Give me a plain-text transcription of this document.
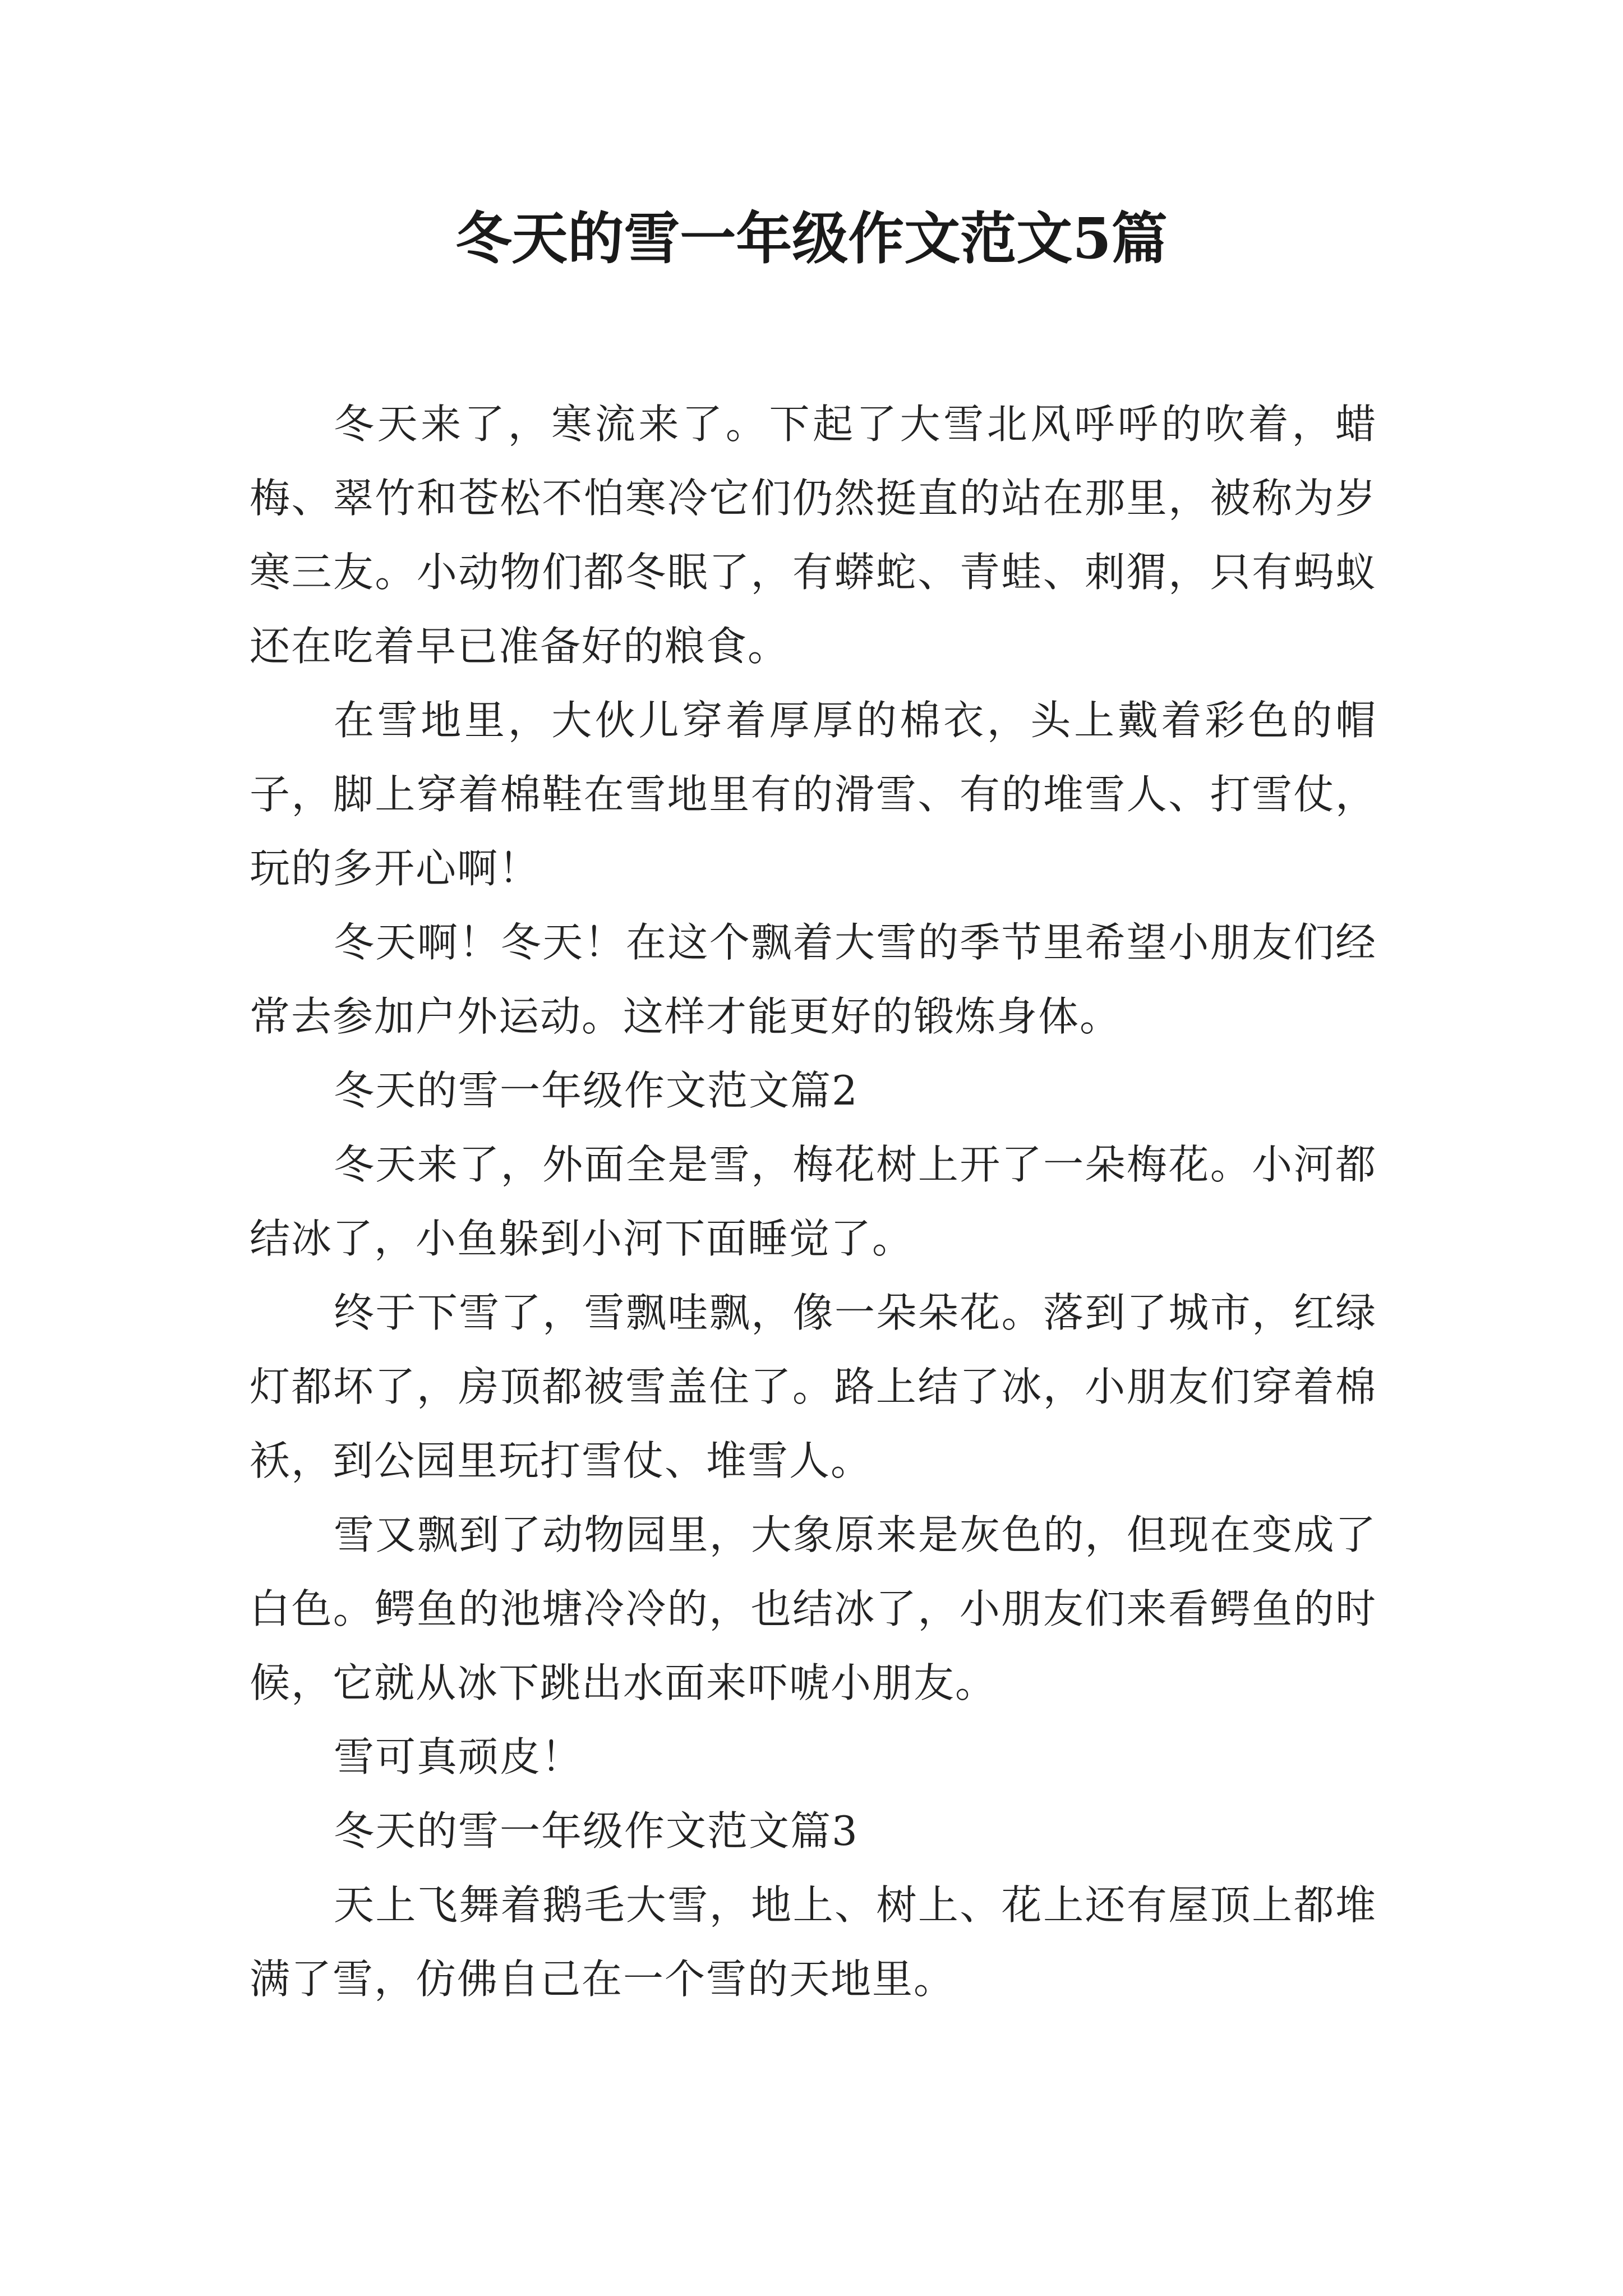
冬天的雪一年级作文范文5篇

冬天来了，寒流来了。下起了大雪北风呼呼的吹着，蜡梅、翠竹和苍松不怕寒冷它们仍然挺直的站在那里，被称为岁寒三友。小动物们都冬眠了，有蟒蛇、青蛙、刺猬，只有蚂蚁还在吃着早已准备好的粮食。

在雪地里，大伙儿穿着厚厚的棉衣，头上戴着彩色的帽子，脚上穿着棉鞋在雪地里有的滑雪、有的堆雪人、打雪仗，玩的多开心啊！

冬天啊！冬天！在这个飘着大雪的季节里希望小朋友们经常去参加户外运动。这样才能更好的锻炼身体。

冬天的雪一年级作文范文篇2

冬天来了，外面全是雪，梅花树上开了一朵梅花。小河都结冰了，小鱼躲到小河下面睡觉了。

终于下雪了，雪飘哇飘，像一朵朵花。落到了城市，红绿灯都坏了，房顶都被雪盖住了。路上结了冰，小朋友们穿着棉袄，到公园里玩打雪仗、堆雪人。

雪又飘到了动物园里，大象原来是灰色的，但现在变成了白色。鳄鱼的池塘冷冷的，也结冰了，小朋友们来看鳄鱼的时候，它就从冰下跳出水面来吓唬小朋友。

雪可真顽皮！

冬天的雪一年级作文范文篇3

天上飞舞着鹅毛大雪，地上、树上、花上还有屋顶上都堆满了雪，仿佛自己在一个雪的天地里。
